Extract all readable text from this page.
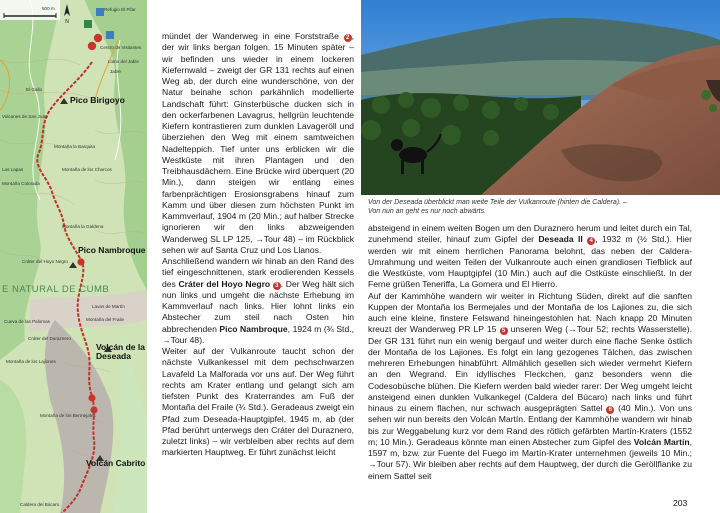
N
500 m	Refugio El Pilar
Centro de Visitantes
Llano del Jable
Jable
El Gallo
Pico Birigoyo
Volcanes de San Juan
Montaña la Barquita
Las Lapas	Montaña de los Charcos
Montaña Colorada
Montaña la Galdena
Pico Nambroque
Cráter del Hoyo Negro
E NATURAL DE CUMB
Lavas de Martín
Cueva de las Palomas	Montaña del Fraile
Cráter del Duraznero
Montaña de los Lajiones
Volcán de la Deseada
Montaña de los Bermejales
Volcán Cabrito
Caldera del Búcaro

mündet der Wanderweg in eine Forststraße 2 , der wir links bergan folgen. 15 Minuten später – wir befinden uns wieder in einem lockeren Kiefernwald – zweigt der GR 131 rechts auf einen Weg ab, der durch eine wunderschöne, von der Natur beinahe schon parkähnlich modellierte Landschaft führt: Ginsterbüsche ducken sich in den ockerfarbenen Lavagrus, hellgrün leuchtende Kiefern kontrastieren zum dunklen Lavageröll und überziehen den Weg mit einem samtweichen Nadelteppich. Tief unter uns erblicken wir die Westküste mit ihren Plantagen und den Treibhausdächern. Eine Brücke wird überquert (20 Min.), dann steigen wir entlang eines farbenprächtigen Erosionsgrabens hinauf zum Kamm und über diesen zum höchsten Punkt im Kammverlauf, 1904 m (20 Min.; auf halber Strecke ignorieren wir den links abzweigenden Wanderweg SL LP 125, →Tour 48) – im Rückblick sehen wir auf Santa Cruz und Los Llanos.

Anschließend wandern wir hinab an den Rand des tief eingeschnittenen, stark erodierenden Kessels des Cráter del Hoyo Negro 3 . Der Weg hält sich nun links und umgeht die nächste Erhebung im Kammverlauf nach links. Hier lohnt links ein Abstecher zum steil nach Osten hin abbrechenden Pico Nambroque, 1924 m (¾ Std., →Tour 48).

Weiter auf der Vulkanroute taucht schon der nächste Vulkankessel mit dem pechschwarzen Lavafeld La Malforada vor uns auf. Der Weg führt rechts am Krater entlang und gelangt sich am tiefsten Punkt des Kraterrandes am Fuß der Montaña del Fraile (¾ Std.). Geradeaus zweigt ein Pfad zum Deseada-Hauptgipfel, 1945 m, ab (der Pfad berührt unterwegs den Cráter del Duraznero, zuletzt links) – wir verbleiben aber rechts auf dem markierten Hauptweg. Er führt zunächst leicht

Von der Deseada überblickt man weite Teile der Vulkanroute (hinten die Caldera). –
Von nun an geht es nur noch abwärts.

absteigend in einem weiten Bogen um den Duraznero herum und leitet durch ein Tal, zunehmend steiler, hinauf zum Gipfel der Deseada II 4 , 1932 m (½ Std.). Hier werden wir mit einem herrlichen Panorama belohnt, das neben der Caldera-Umrahmung und weiten Teilen der Vulkanroute auch einen grandiosen Tiefblick auf die Westküste, vom Hauptgipfel (10 Min.) auch auf die Ostküste einschließt. In der Ferne grüßen Teneriffa, La Gomera und El Hierro.

Auf der Kammhöhe wandern wir weiter in Richtung Süden, direkt auf die sanften Kuppen der Montaña los Bermejales und der Montaña de los Lajiones zu, die sich auch eine kleine, finstere Felswand hineingestohlen hat. Nach knapp 20 Minuten kreuzt der Wanderweg PR LP 15 5 unseren Weg (→Tour 52; rechts Wasserstelle). Der GR 131 führt nun ein wenig bergauf und weiter durch eine flache Senke östlich der Montaña de los Lajiones. Es folgt ein lang gezogenes Tälchen, das zwischen mehreren Erhebungen hinabführt. Allmählich gesellen sich wieder vermehrt Kiefern an den Wegrand. Ein idyllisches Fleckchen, ganz besonders wenn die Codesobüsche blühen. Die Kiefern werden bald wieder rarer: Der Weg umgeht leicht ansteigend einen dunklen Vulkankegel (Caldera del Búcaro) nach links und führt hinaus zu einem flachen, nur schwach ausgeprägten Sattel 6 (40 Min.). Von uns sehen wir nun bereits den Volcán Martín. Entlang der Kammhöhe wandern wir hinab bis zur Weggabelung kurz vor dem Rand des rötlich gefärbten Martín-Kraters (1552 m; 10 Min.). Geradeaus könnte man einen Abstecher zum Gipfel des Volcán Martín, 1597 m, bzw. zur Fuente del Fuego im Martín-Krater unternehmen (jeweils 10 Min.; →Tour 57). Wir bleiben aber rechts auf dem Hauptweg, der durch die Geröllflanke zu einem Sattel seit

203
